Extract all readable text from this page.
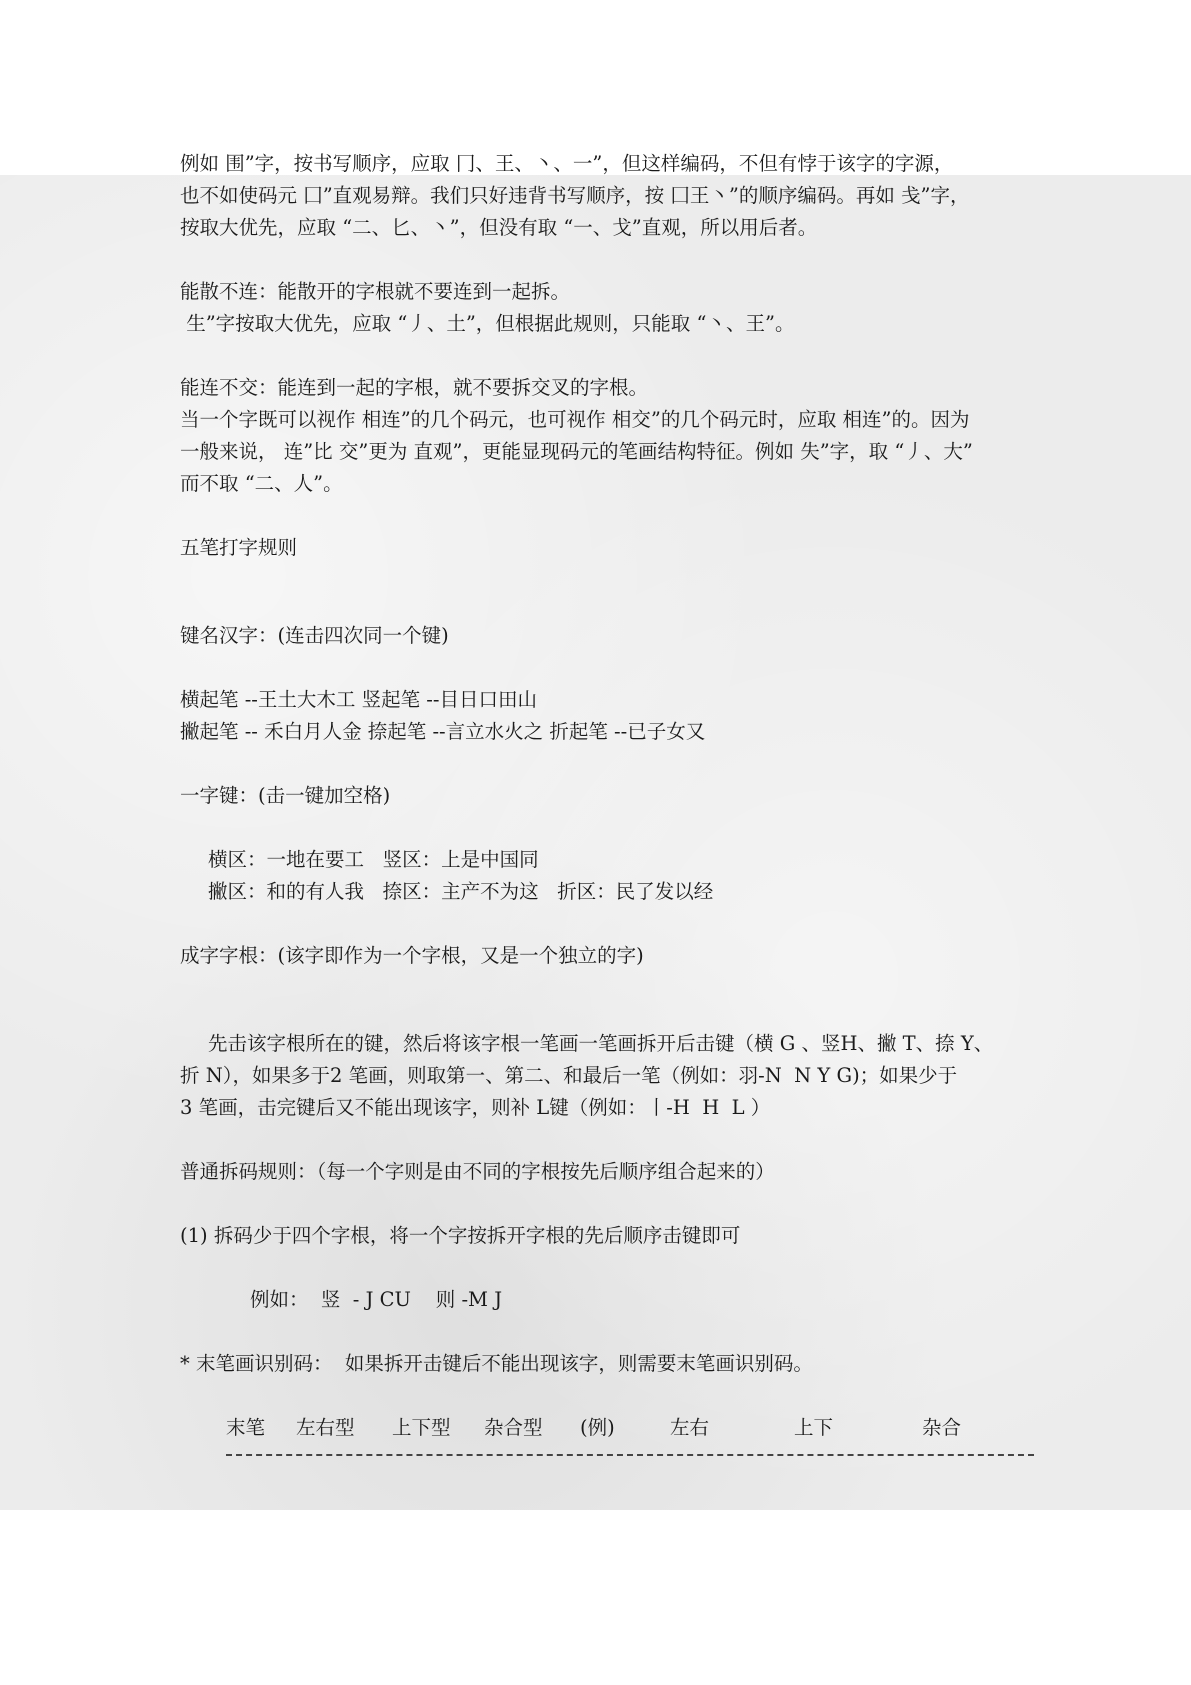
例如 围”字，按书写顺序，应取 冂、王、丶、一”，但这样编码，不但有悖于该字的字源，

也不如使码元 囗”直观易辩。我们只好违背书写顺序，按 囗王丶”的顺序编码。再如 戋”字，

按取大优先，应取 “二、匕、丶”，但没有取 “一、戈”直观，所以用后者。

能散不连：能散开的字根就不要连到一起拆。

生”字按取大优先，应取 “丿、土”，但根据此规则，只能取 “丶、王”。

能连不交：能连到一起的字根，就不要拆交叉的字根。

当一个字既可以视作 相连”的几个码元，也可视作 相交”的几个码元时，应取 相连”的。因为

一般来说， 连”比 交”更为 直观”，更能显现码元的笔画结构特征。例如 失”字，取 “丿、大”

而不取 “二、人”。

五笔打字规则

键名汉字：(连击四次同一个键)

横起笔 --王土大木工 竖起笔 --目日口田山

撇起笔 -- 禾白月人金 捺起笔 --言立水火之 折起笔 --已子女又

一字键：(击一键加空格)

横区：一地在要工   竖区：上是中国同

撇区：和的有人我   捺区：主产不为这   折区：民了发以经

成字字根：(该字即作为一个字根，又是一个独立的字)

先击该字根所在的键，然后将该字根一笔画一笔画拆开后击键（横 G 、竖H、撇 T、捺 Y、

折 N），如果多于2 笔画，则取第一、第二、和最后一笔（例如：羽-N  N Y G)；如果少于

3 笔画，击完键后又不能出现该字，则补 L键（例如：丨-H  H  L ）

普通拆码规则：（每一个字则是由不同的字根按先后顺序组合起来的）

(1) 拆码少于四个字根，将一个字按拆开字根的先后顺序击键即可

例如：  竖  - J CU    则 -M J

* 末笔画识别码：  如果拆开击键后不能出现该字，则需要末笔画识别码。

末笔	左右型	上下型	杂合型	(例)	左右	上下	杂合
